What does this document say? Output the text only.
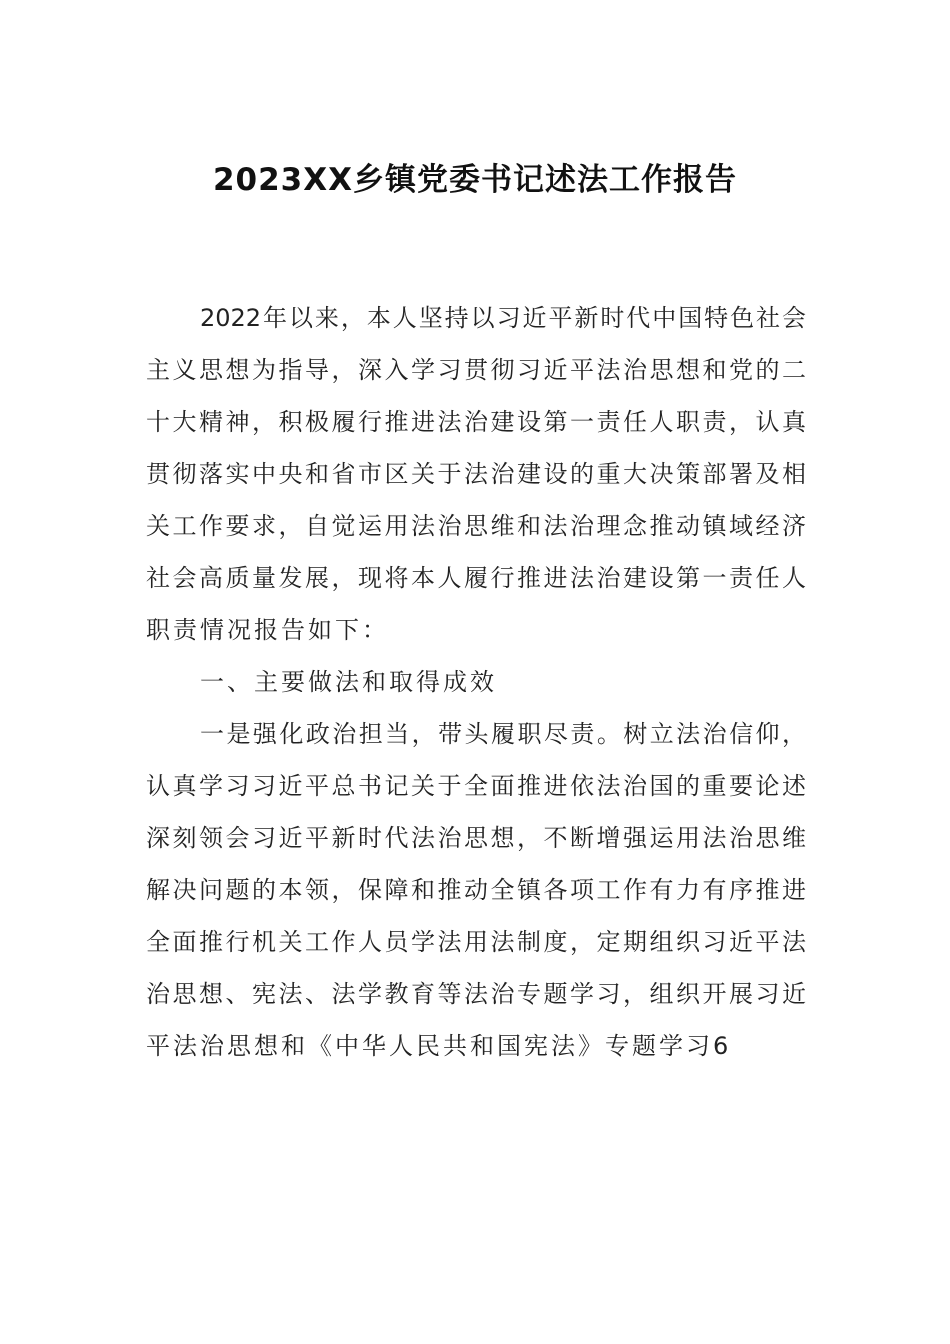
2023XX乡镇党委书记述法工作报告
2022年以来，本人坚持以习近平新时代中国特色社会
主义思想为指导，深入学习贯彻习近平法治思想和党的二
十大精神，积极履行推进法治建设第一责任人职责，认真
贯彻落实中央和省市区关于法治建设的重大决策部署及相
关工作要求，自觉运用法治思维和法治理念推动镇域经济
社会高质量发展，现将本人履行推进法治建设第一责任人
职责情况报告如下：
一、主要做法和取得成效
一是强化政治担当，带头履职尽责。树立法治信仰，
认真学习习近平总书记关于全面推进依法治国的重要论述
深刻领会习近平新时代法治思想，不断增强运用法治思维
解决问题的本领，保障和推动全镇各项工作有力有序推进
全面推行机关工作人员学法用法制度，定期组织习近平法
治思想、宪法、法学教育等法治专题学习，组织开展习近
平法治思想和《中华人民共和国宪法》专题学习6
